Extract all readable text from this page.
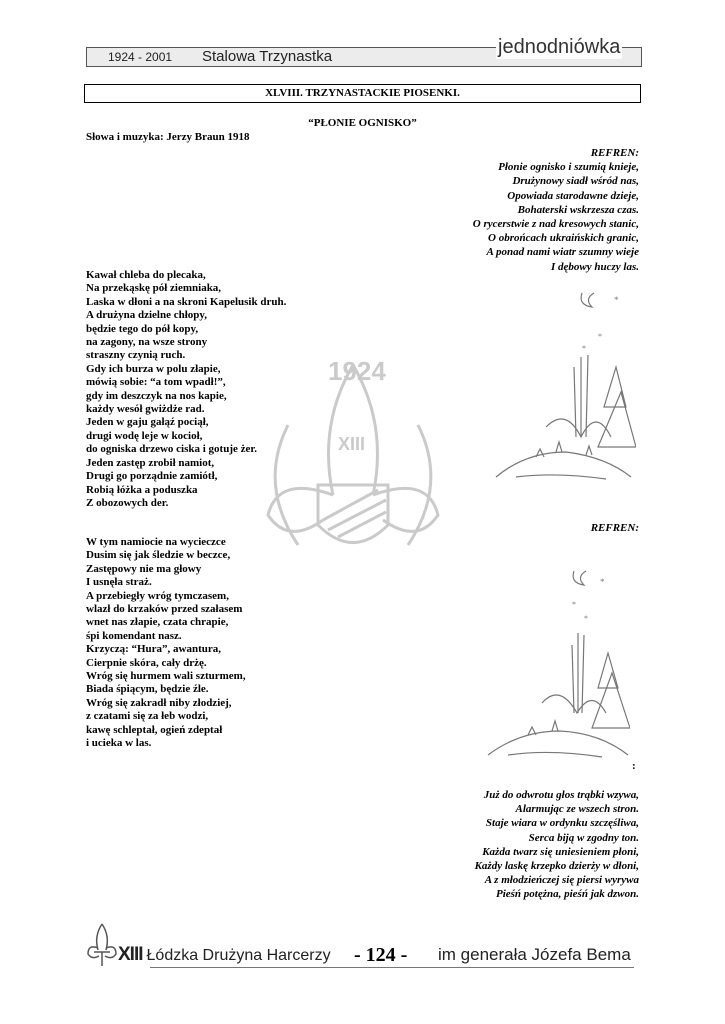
1924 - 2001 Stalowa Trzynastka	jednodniówka
XLVIII. TRZYNASTACKIE PIOSENKI.
1924
XIII
“PŁONIE OGNISKO”
Słowa i muzyka: Jerzy Braun 1918
REFREN:
Płonie ognisko i szumią knieje,
Drużynowy siadł wśród nas,
Opowiada starodawne dzieje,
Bohaterski wskrzesza czas.
O rycerstwie z nad kresowych stanic,
O obrońcach ukraińskich granic,
A ponad nami wiatr szumny wieje
I dębowy huczy las.
Kawał chleba do plecaka,
Na przekąskę pół ziemniaka,
Laska w dłoni a na skroni Kapelusik druh.
A drużyna dzielne chłopy,
będzie tego do pół kopy,
na zagony, na wsze strony
straszny czynią ruch.
Gdy ich burza w polu złapie,
mówią sobie: “a tom wpadł!”,
gdy im deszczyk na nos kapie,
każdy wesół gwiżdże rad.
Jeden w gaju gałąź pociął,
drugi wodę leje w kocioł,
do ogniska drzewo ciska i gotuje żer.
Jeden zastęp zrobił namiot,
Drugi go porządnie zamiótł,
Robią łóżka a poduszka
Z obozowych der.
REFREN:
W tym namiocie na wycieczce
Dusim się jak śledzie w beczce,
Zastępowy nie ma głowy
I usnęła straż.
A przebiegły wróg tymczasem,
wlazł do krzaków przed szałasem
wnet nas złapie, czata chrapie,
śpi komendant nasz.
Krzyczą: “Hura”, awantura,
Cierpnie skóra, cały drżę.
Wróg się hurmem wali szturmem,
Biada śpiącym, będzie źle.
Wróg się zakradł niby złodziej,
z czatami się za łeb wodzi,
kawę schleptał, ogień zdeptał
i ucieka w las.
*
*
*
*
*
*
:
Już do odwrotu głos trąbki wzywa,
Alarmując ze wszech stron.
Staje wiara w ordynku szczęśliwa,
Serca biją w zgodny ton.
Każda twarz się uniesieniem płoni,
Każdy laskę krzepko dzierży w dłoni,
A z młodzieńczej się piersi wyrywa
Pieśń potężna, pieśń jak dzwon.
XIII Łódzka Drużyna Harcerzy - 124 - im generała Józefa Bema
